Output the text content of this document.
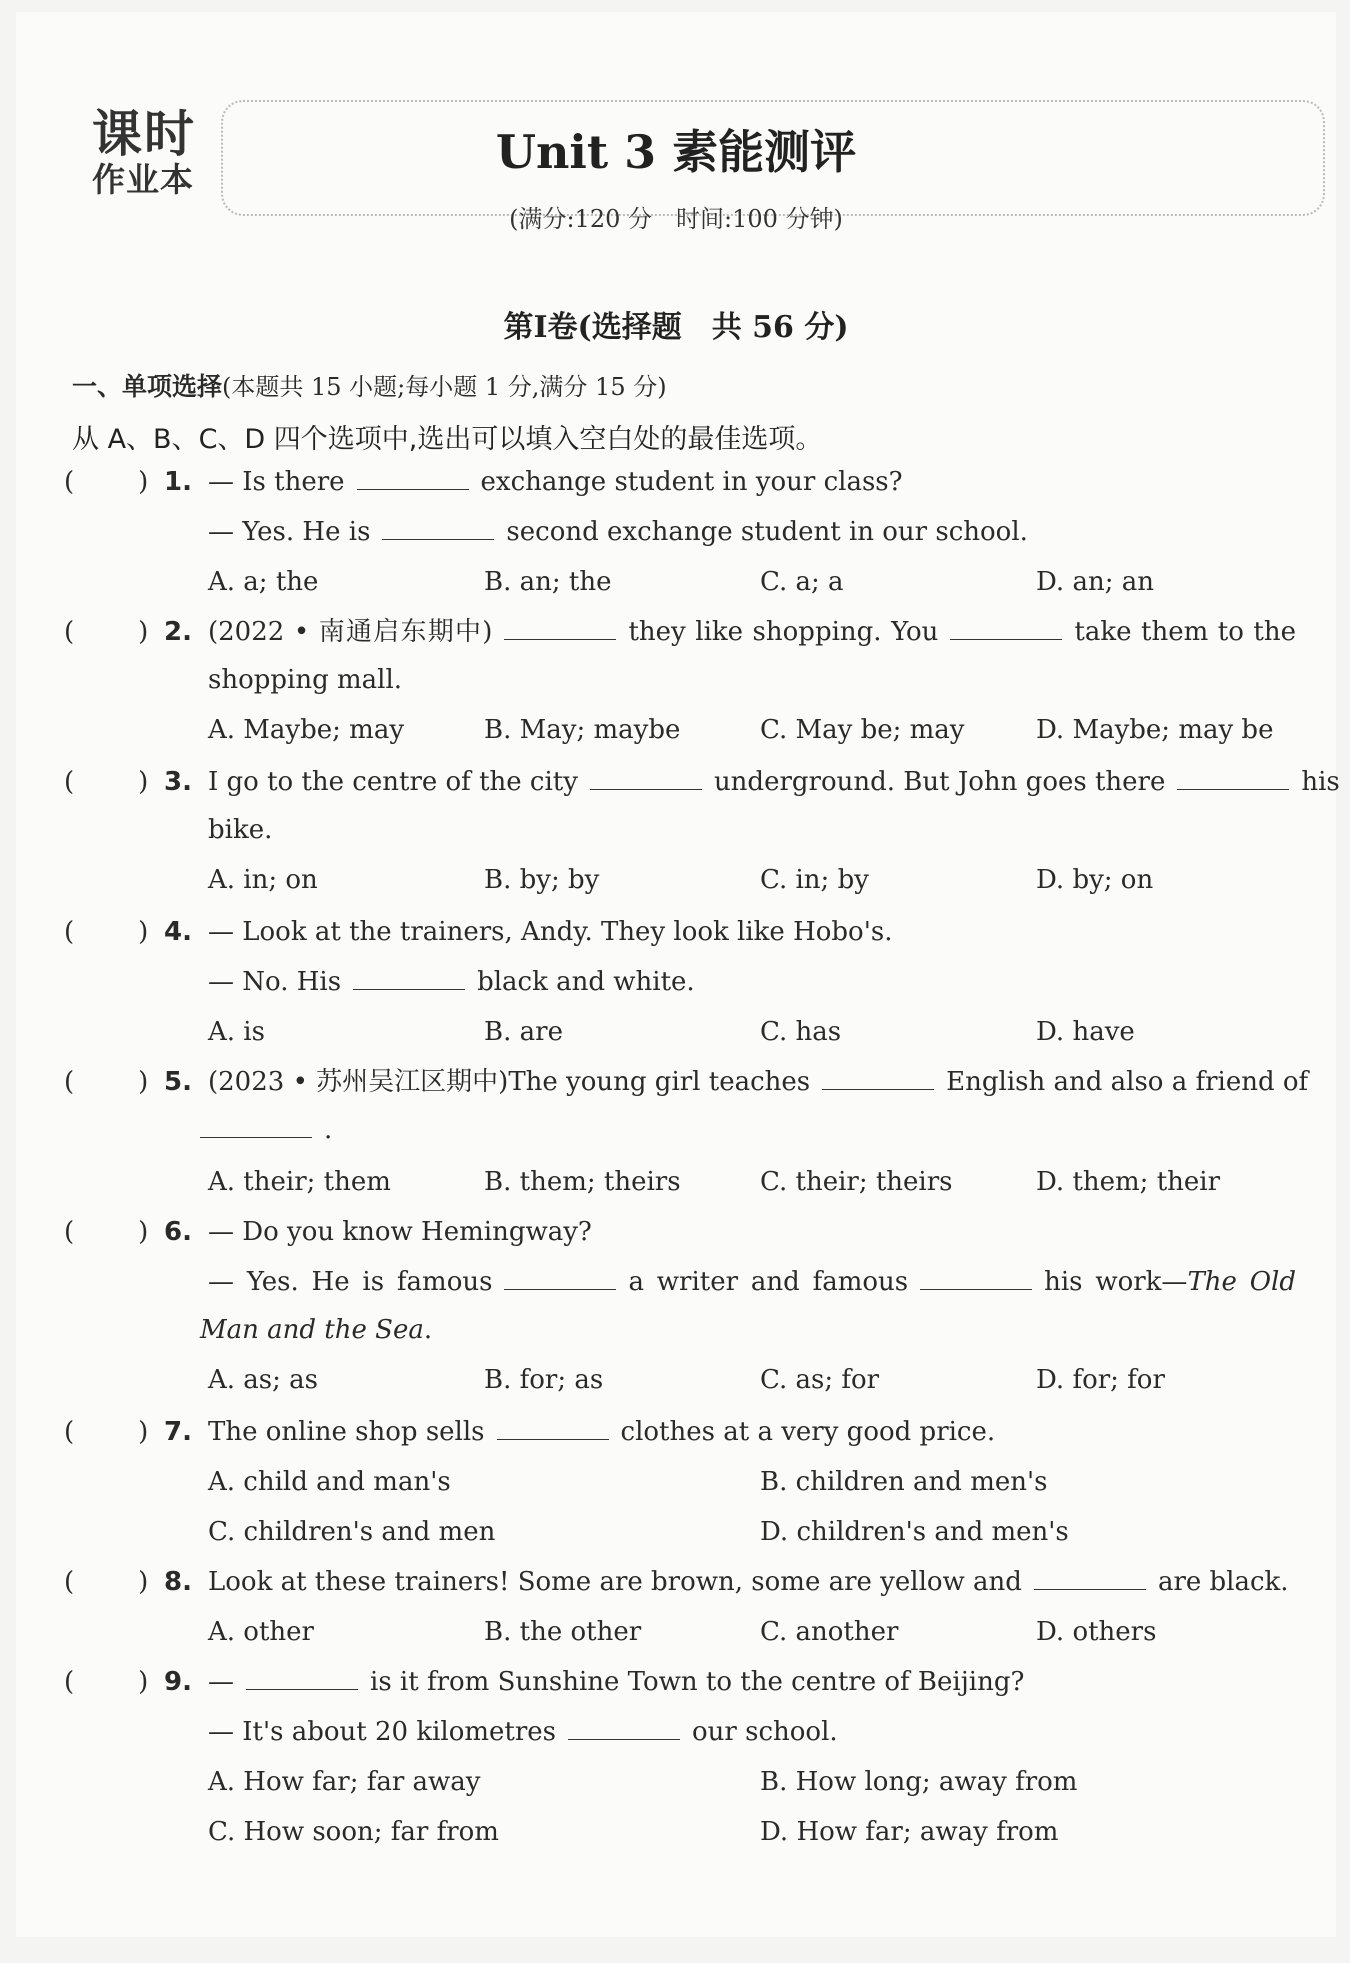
课时
作业本
Unit 3 素能测评
(满分:120 分　时间:100 分钟)
第Ⅰ卷(选择题　共 56 分)
一、单项选择(本题共 15 小题;每小题 1 分,满分 15 分)
从 A、B、C、D 四个选项中,选出可以填入空白处的最佳选项。
( ) 1. — Is there	exchange student in your class?
— Yes. He is	second exchange student in our school.
A. a; the	B. an; the	C. a; a	D. an; an
( ) 2. (2022 • 南通启东期中)	they like shopping. You	take them to the
shopping mall.
A. Maybe; may	B. May; maybe	C. May be; may	D. Maybe; may be
( ) 3. I go to the centre of the city	underground. But John goes there	his
bike.
A. in; on	B. by; by	C. in; by	D. by; on
( ) 4. — Look at the trainers, Andy. They look like Hobo's.
— No. His	black and white.
A. is	B. are	C. has	D. have
( ) 5. (2023 • 苏州吴江区期中)The young girl teaches	English and also a friend of
.
A. their; them	B. them; theirs	C. their; theirs	D. them; their
( ) 6. — Do you know Hemingway?
— Yes. He is famous	a writer and famous	his work—The Old
Man and the Sea.
A. as; as	B. for; as	C. as; for	D. for; for
( ) 7. The online shop sells	clothes at a very good price.
A. child and man's	B. children and men's
C. children's and men	D. children's and men's
( ) 8. Look at these trainers! Some are brown, some are yellow and	are black.
A. other	B. the other	C. another	D. others
( ) 9. —	is it from Sunshine Town to the centre of Beijing?
— It's about 20 kilometres	our school.
A. How far; far away	B. How long; away from
C. How soon; far from	D. How far; away from
